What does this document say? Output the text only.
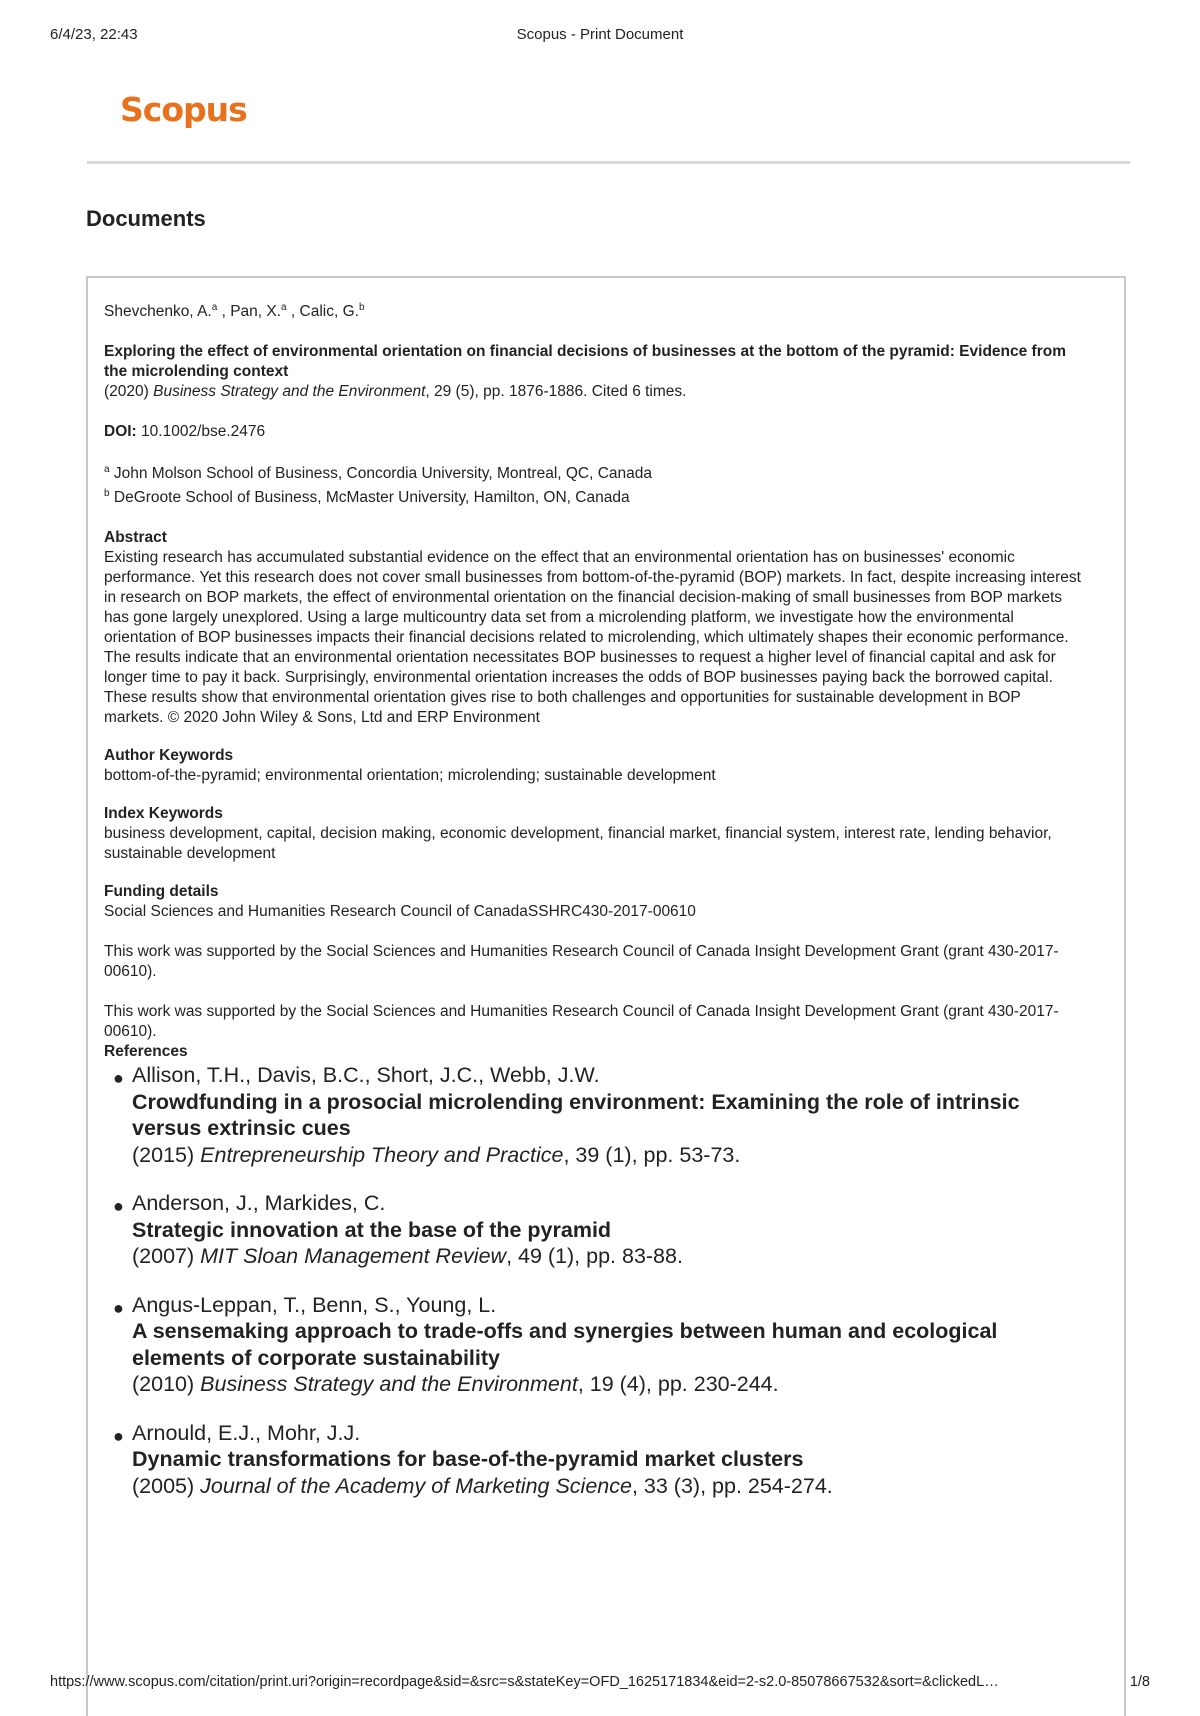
6/4/23, 22:43	Scopus - Print Document
Scopus
Documents

Shevchenko, A.$^a$ , Pan, X.$^a$ , Calic, G.$^b$

Exploring the effect of environmental orientation on financial decisions of businesses at the bottom of the pyramid: Evidence from the microlending context

(2020) Business Strategy and the Environment, 29 (5), pp. 1876-1886. Cited 6 times.

DOI: 10.1002/bse.2476

$^a$ John Molson School of Business, Concordia University, Montreal, QC, Canada

$^b$ DeGroote School of Business, McMaster University, Hamilton, ON, Canada

Abstract

Existing research has accumulated substantial evidence on the effect that an environmental orientation has on businesses' economic performance. Yet this research does not cover small businesses from bottom-of-the-pyramid (BOP) markets. In fact, despite increasing interest in research on BOP markets, the effect of environmental orientation on the financial decision-making of small businesses from BOP markets has gone largely unexplored. Using a large multicountry data set from a microlending platform, we investigate how the environmental orientation of BOP businesses impacts their financial decisions related to microlending, which ultimately shapes their economic performance. The results indicate that an environmental orientation necessitates BOP businesses to request a higher level of financial capital and ask for longer time to pay it back. Surprisingly, environmental orientation increases the odds of BOP businesses paying back the borrowed capital. These results show that environmental orientation gives rise to both challenges and opportunities for sustainable development in BOP markets. © 2020 John Wiley & Sons, Ltd and ERP Environment

Author Keywords

bottom-of-the-pyramid; environmental orientation; microlending; sustainable development

Index Keywords

business development, capital, decision making, economic development, financial market, financial system, interest rate, lending behavior, sustainable development

Funding details

Social Sciences and Humanities Research Council of CanadaSSHRC430-2017-00610

This work was supported by the Social Sciences and Humanities Research Council of Canada Insight Development Grant (grant 430-2017-00610).

This work was supported by the Social Sciences and Humanities Research Council of Canada Insight Development Grant (grant 430-2017-00610).

References

● Allison, T.H., Davis, B.C., Short, J.C., Webb, J.W.
Crowdfunding in a prosocial microlending environment: Examining the role of intrinsic versus extrinsic cues
(2015) Entrepreneurship Theory and Practice, 39 (1), pp. 53-73.
● Anderson, J., Markides, C.
Strategic innovation at the base of the pyramid
(2007) MIT Sloan Management Review, 49 (1), pp. 83-88.
● Angus-Leppan, T., Benn, S., Young, L.
A sensemaking approach to trade-offs and synergies between human and ecological elements of corporate sustainability
(2010) Business Strategy and the Environment, 19 (4), pp. 230-244.
● Arnould, E.J., Mohr, J.J.
Dynamic transformations for base-of-the-pyramid market clusters
(2005) Journal of the Academy of Marketing Science, 33 (3), pp. 254-274.
https://www.scopus.com/citation/print.uri?origin=recordpage&sid=&src=s&stateKey=OFD_1625171834&eid=2-s2.0-85078667532&sort=&clickedL…	1/8
